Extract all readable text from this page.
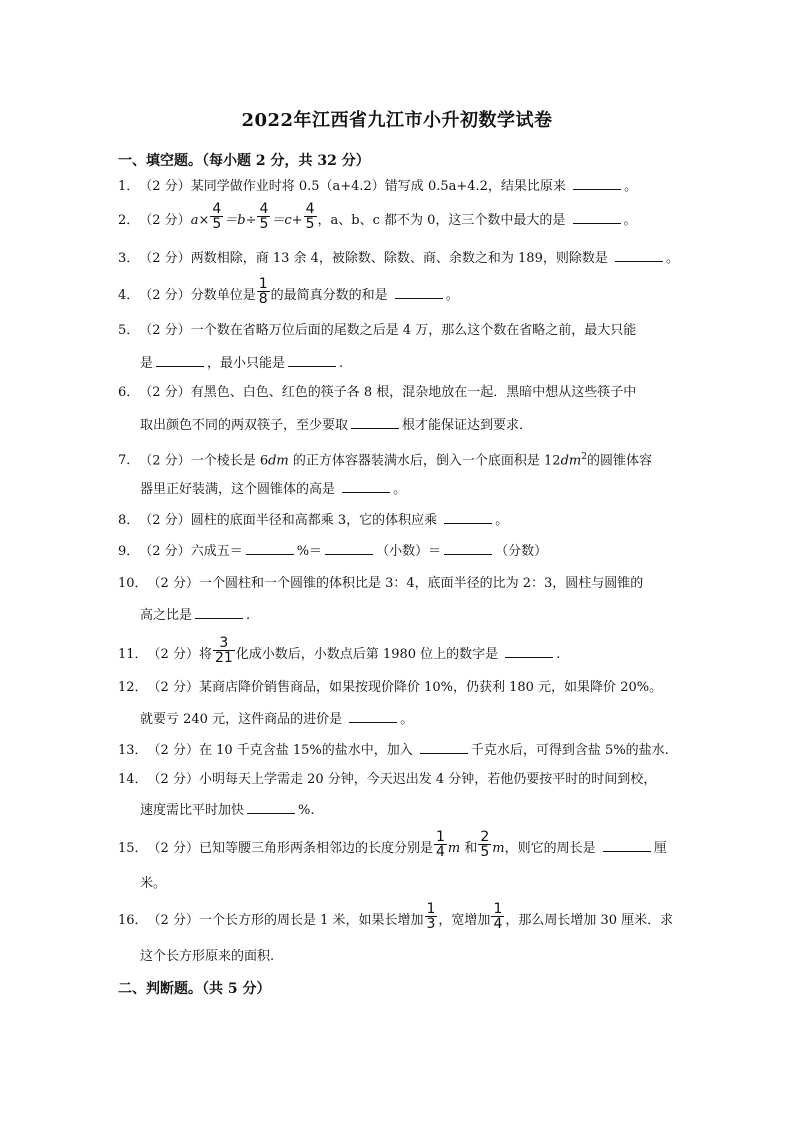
2022年江西省九江市小升初数学试卷
一、填空题。（每小题 2 分，共 32 分）
1．（2 分）某同学做作业时将 0.5（a+4.2）错写成 0.5a+4.2，结果比原来	。
2．（2 分）$a\times \frac{4}{5} =b\div \frac{4}{5} =c+ \frac{4}{5}$ ，a、b、c 都不为 0，这三个数中最大的是	。
3．（2 分）两数相除，商 13 余 4，被除数、除数、商、余数之和为 189，则除数是	。
4．（2 分）分数单位是 $\frac{1}{8}$ 的最简真分数的和是	。
5．（2 分）一个数在省略万位后面的尾数之后是 4 万，那么这个数在省略之前，最大只能
是	，最小只能是	.
6．（2 分）有黑色、白色、红色的筷子各 8 根，混杂地放在一起．黑暗中想从这些筷子中
取出颜色不同的两双筷子，至少要取	根才能保证达到要求．
7．（2 分）一个棱长是 6dm 的正方体容器装满水后，倒入一个底面积是 $12dm^2$的圆锥体容
器里正好装满，这个圆锥体的高是	。
8．（2 分）圆柱的底面半径和高都乘 3，它的体积应乘	。
9．（2 分）六成五＝	%＝	（小数）＝	（分数）
10．（2 分）一个圆柱和一个圆锥的体积比是 3：4，底面半径的比为 2：3，圆柱与圆锥的
高之比是	.
11．（2 分）将 $\frac{3}{21}$ 化成小数后，小数点后第 1980 位上的数字是	.
12．（2 分）某商店降价销售商品，如果按现价降价 10%，仍获利 180 元，如果降价 20%。
就要亏 240 元，这件商品的进价是	。
13．（2 分）在 10 千克含盐 15%的盐水中，加入	千克水后，可得到含盐 5%的盐水.
14．（2 分）小明每天上学需走 20 分钟，今天迟出发 4 分钟，若他仍要按平时的时间到校，
速度需比平时加快	%.
15．（2 分）已知等腰三角形两条相邻边的长度分别是 $\frac{1}{4}$ m 和 $\frac{2}{5}$ m，则它的周长是	厘
米。
16．（2 分）一个长方形的周长是 1 米，如果长增加 $\frac{1}{3}$ ，宽增加 $\frac{1}{4}$ ，那么周长增加 30 厘米．求
这个长方形原来的面积.
二、判断题。（共 5 分）
